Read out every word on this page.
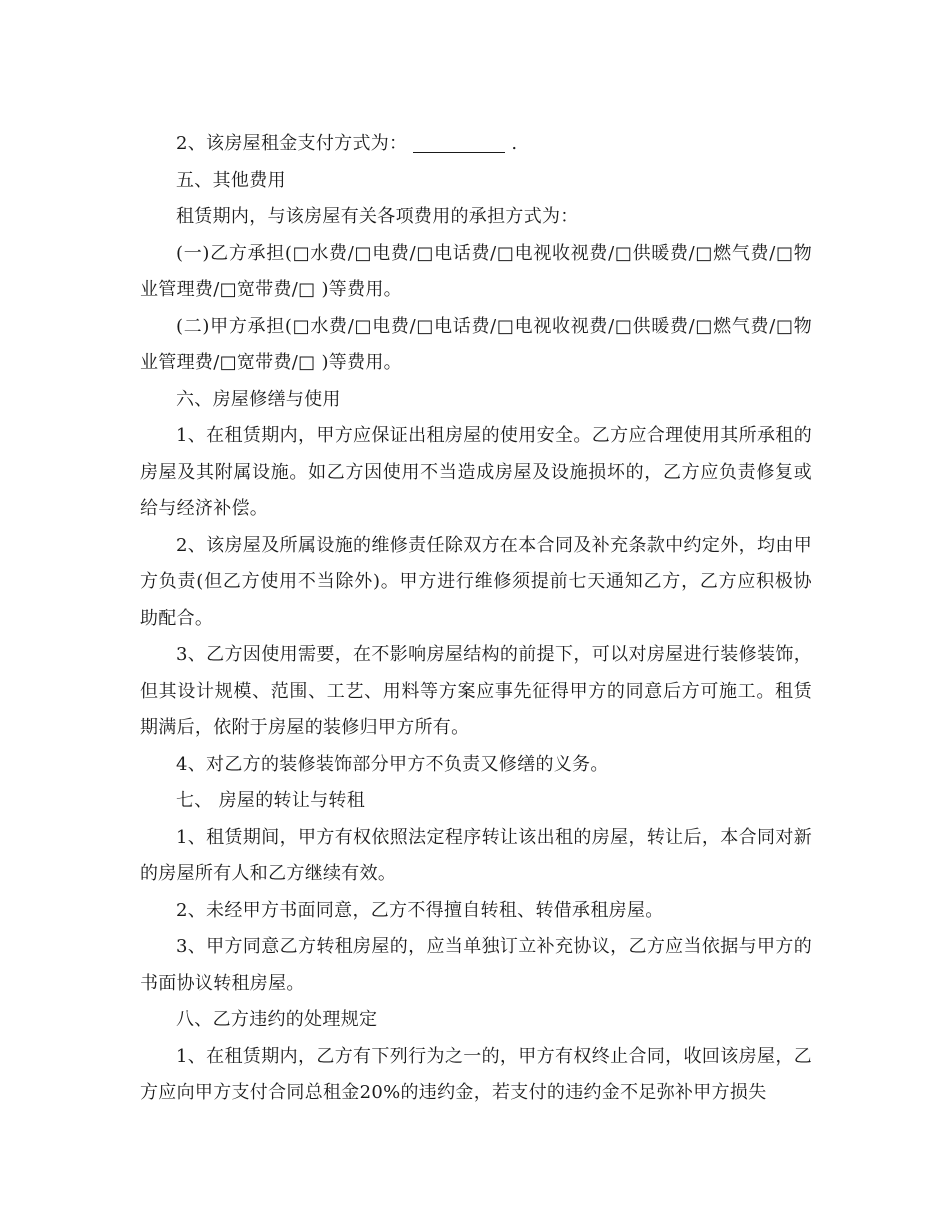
2、该房屋租金支付方式为：	.

五、其他费用

租赁期内，与该房屋有关各项费用的承担方式为：

(一)乙方承担(□水费/□电费/□电话费/□电视收视费/□供暖费/□燃气费/□物业管理费/□宽带费/□ )等费用。

(二)甲方承担(□水费/□电费/□电话费/□电视收视费/□供暖费/□燃气费/□物业管理费/□宽带费/□ )等费用。

六、房屋修缮与使用

1、在租赁期内，甲方应保证出租房屋的使用安全。乙方应合理使用其所承租的房屋及其附属设施。如乙方因使用不当造成房屋及设施损坏的，乙方应负责修复或给与经济补偿。

2、该房屋及所属设施的维修责任除双方在本合同及补充条款中约定外，均由甲方负责(但乙方使用不当除外)。甲方进行维修须提前七天通知乙方，乙方应积极协助配合。

3、乙方因使用需要，在不影响房屋结构的前提下，可以对房屋进行装修装饰，但其设计规模、范围、工艺、用料等方案应事先征得甲方的同意后方可施工。租赁期满后，依附于房屋的装修归甲方所有。

4、对乙方的装修装饰部分甲方不负责又修缮的义务。

七、 房屋的转让与转租

1、租赁期间，甲方有权依照法定程序转让该出租的房屋，转让后，本合同对新的房屋所有人和乙方继续有效。

2、未经甲方书面同意，乙方不得擅自转租、转借承租房屋。

3、甲方同意乙方转租房屋的，应当单独订立补充协议，乙方应当依据与甲方的书面协议转租房屋。

八、乙方违约的处理规定

1、在租赁期内，乙方有下列行为之一的，甲方有权终止合同，收回该房屋，乙方应向甲方支付合同总租金20%的违约金，若支付的违约金不足弥补甲方损失
